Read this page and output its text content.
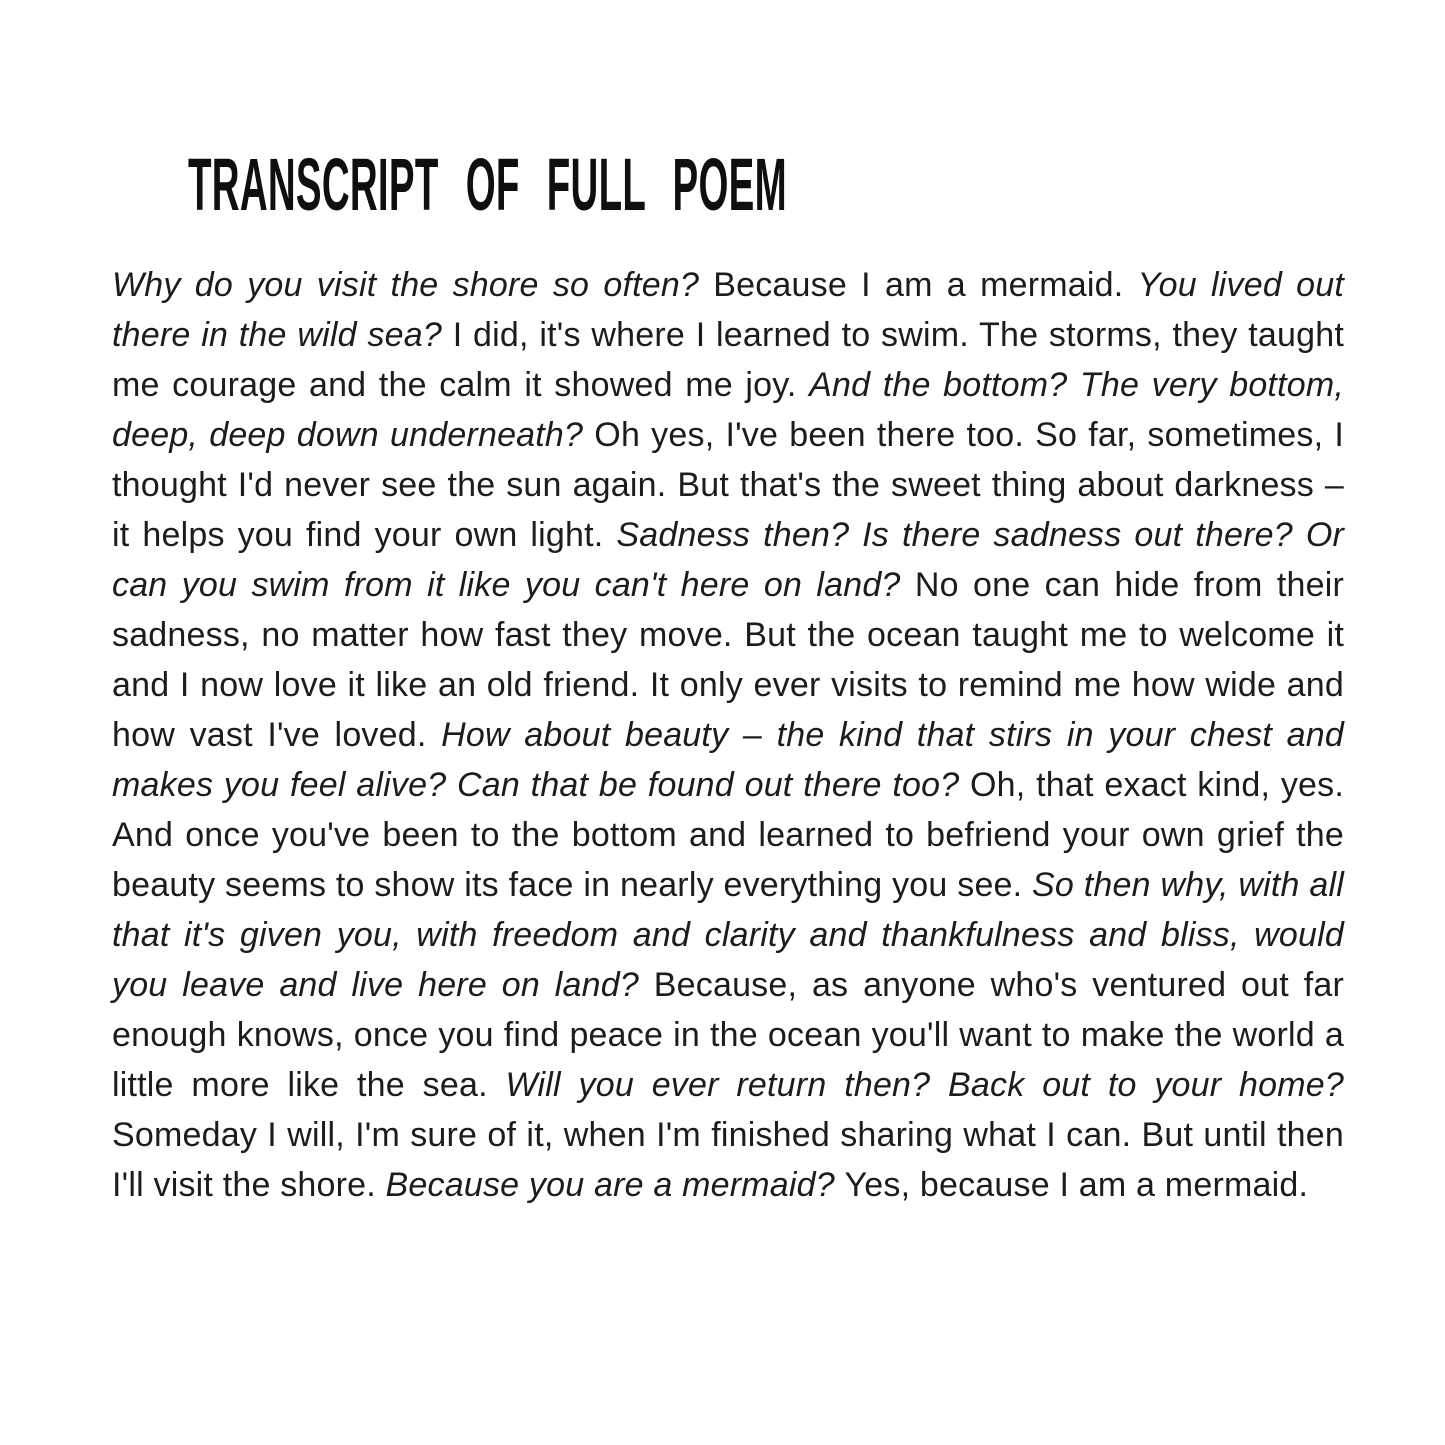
TRANSCRIPT OF FULL POEM

Why do you visit the shore so often? Because I am a mermaid. You lived out there in the wild sea? I did, it's where I learned to swim. The storms, they taught me courage and the calm it showed me joy. And the bottom? The very bottom, deep, deep down underneath? Oh yes, I've been there too. So far, sometimes, I thought I'd never see the sun again. But that's the sweet thing about darkness – it helps you find your own light. Sadness then? Is there sadness out there? Or can you swim from it like you can't here on land? No one can hide from their sadness, no matter how fast they move. But the ocean taught me to welcome it and I now love it like an old friend. It only ever visits to remind me how wide and how vast I've loved. How about beauty – the kind that stirs in your chest and makes you feel alive? Can that be found out there too? Oh, that exact kind, yes. And once you've been to the bottom and learned to befriend your own grief the beauty seems to show its face in nearly everything you see. So then why, with all that it's given you, with freedom and clarity and thankfulness and bliss, would you leave and live here on land? Because, as anyone who's ventured out far enough knows, once you find peace in the ocean you'll want to make the world a little more like the sea. Will you ever return then? Back out to your home? Someday I will, I'm sure of it, when I'm finished sharing what I can. But until then I'll visit the shore. Because you are a mermaid? Yes, because I am a mermaid.
